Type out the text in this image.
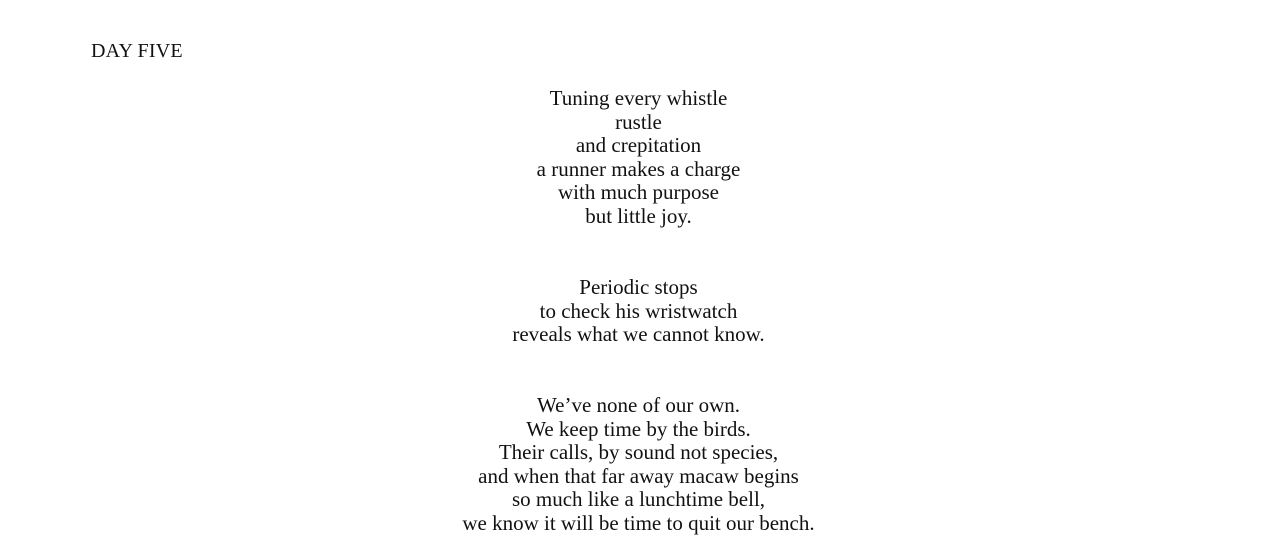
DAY FIVE
Tuning every whistle
rustle
and crepitation
a runner makes a charge
with much purpose
but little joy.
Periodic stops
to check his wristwatch
reveals what we cannot know.
We’ve none of our own.
We keep time by the birds.
Their calls, by sound not species,
and when that far away macaw begins
so much like a lunchtime bell,
we know it will be time to quit our bench.
